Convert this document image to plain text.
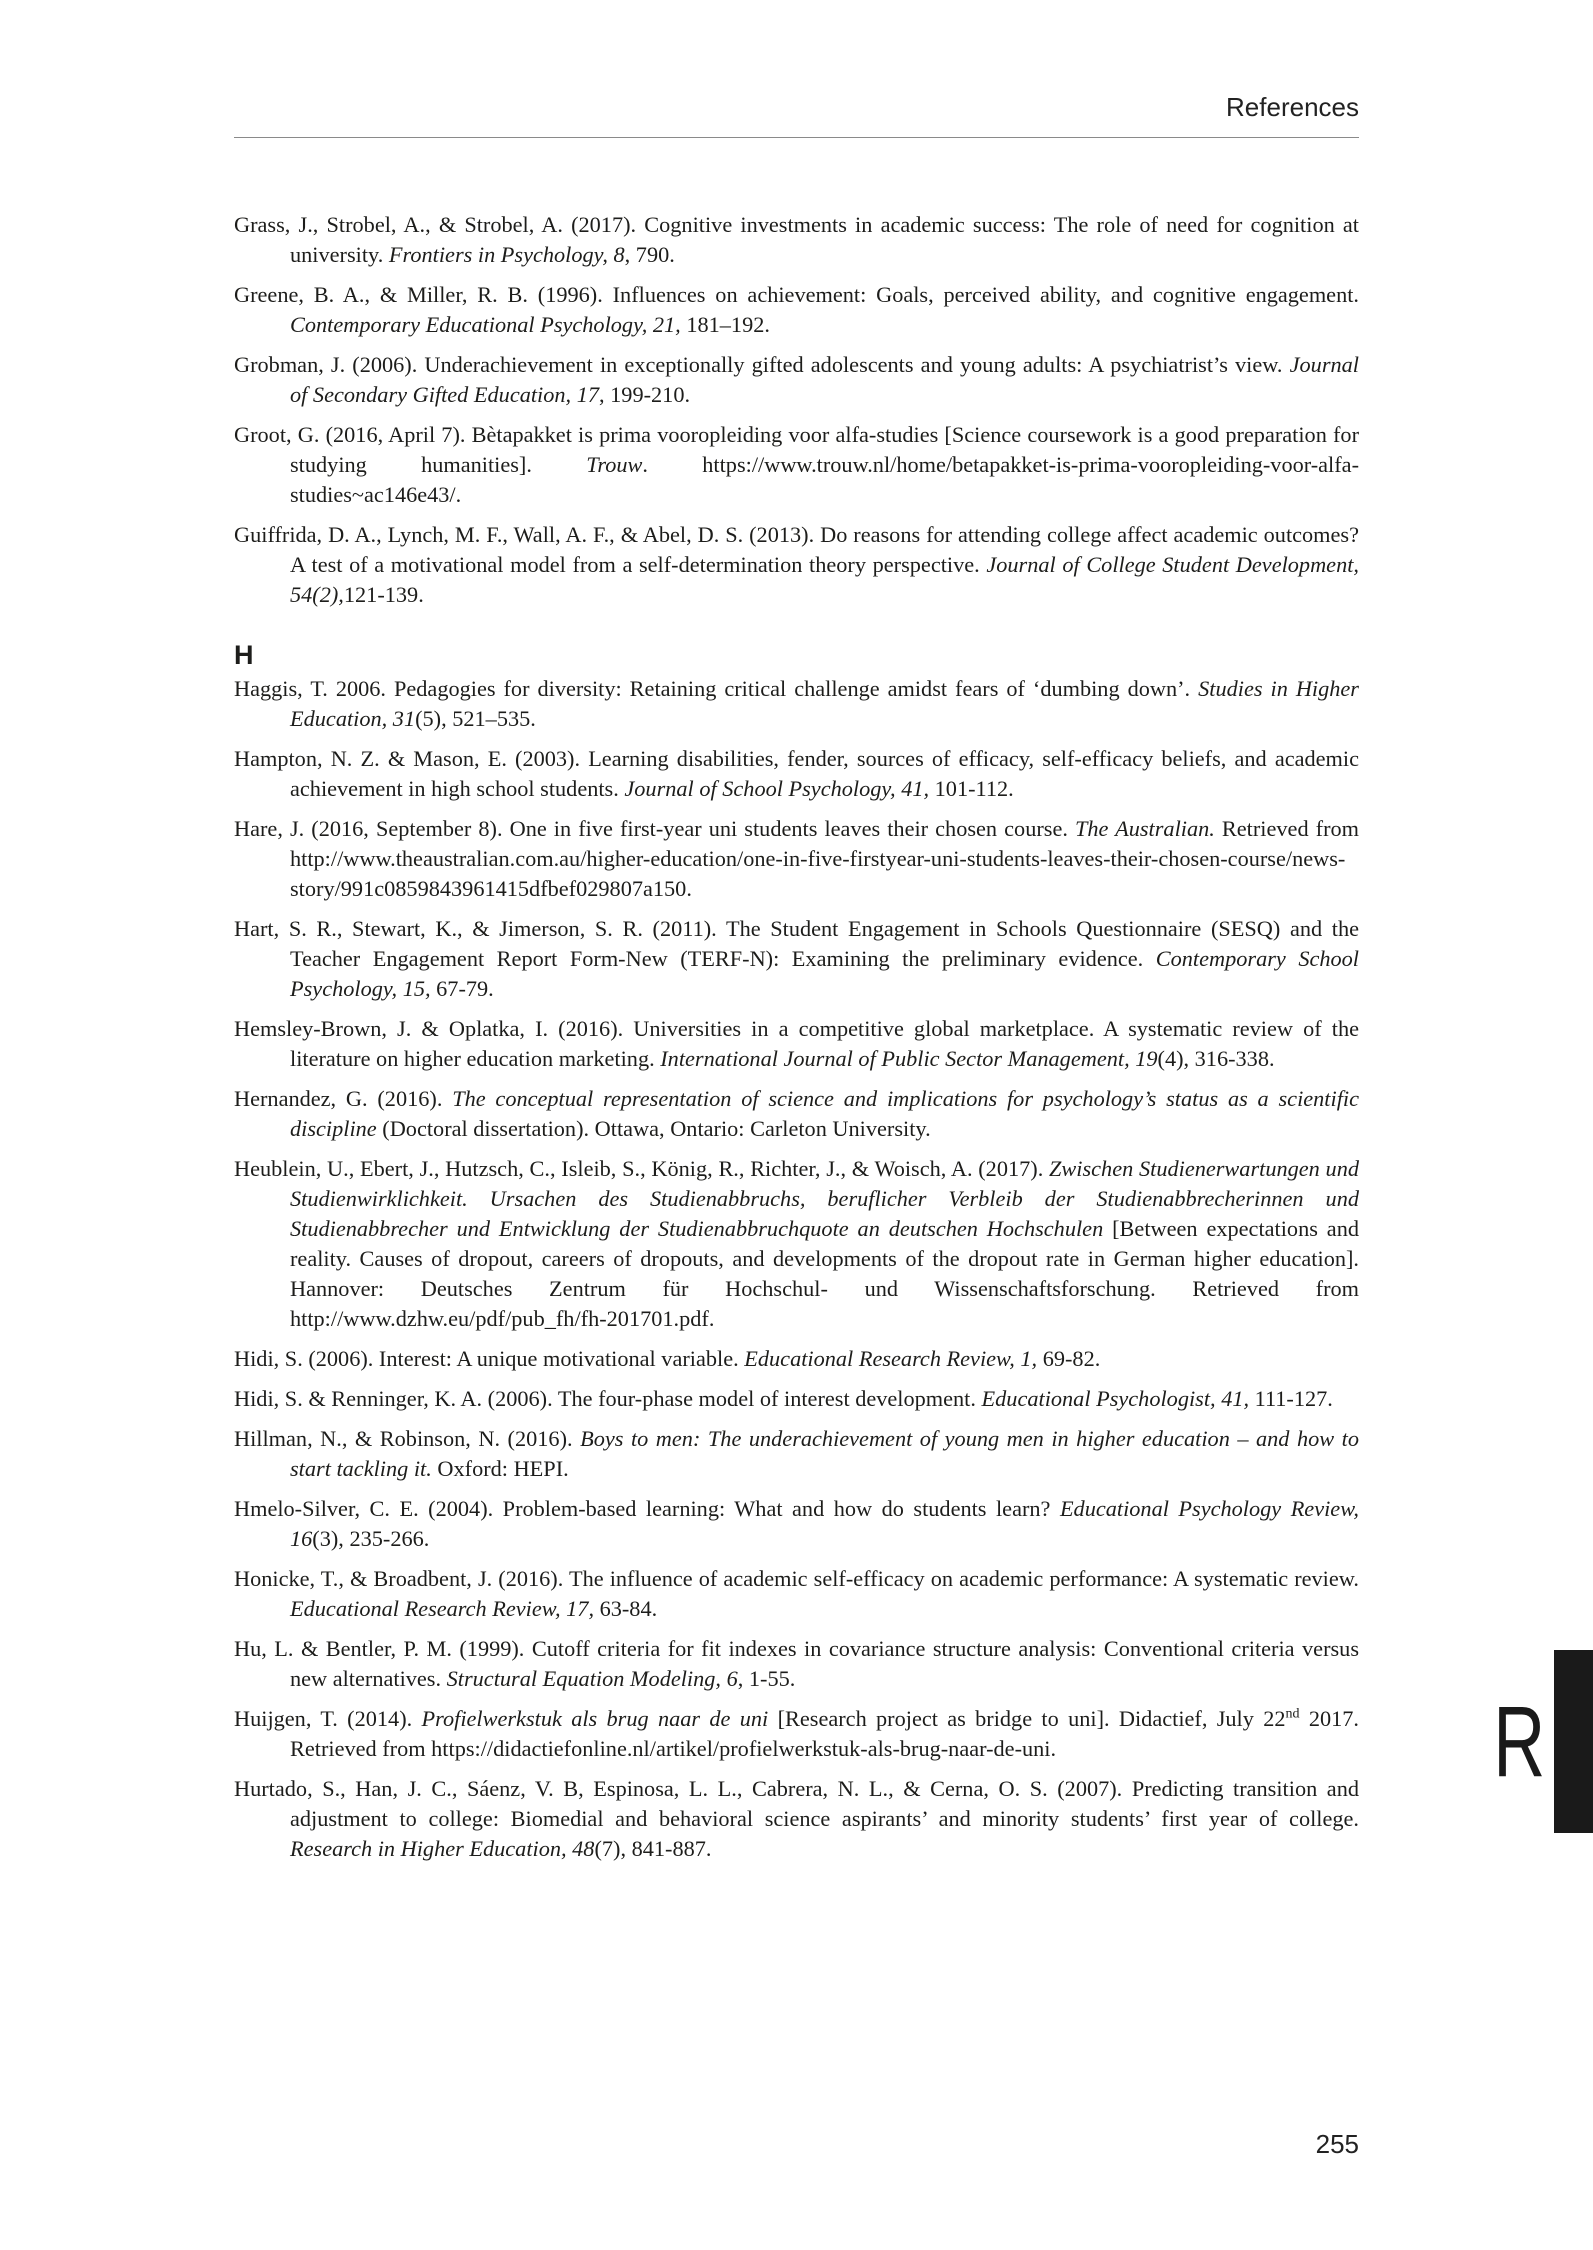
References
Grass, J., Strobel, A., & Strobel, A. (2017). Cognitive investments in academic success: The role of need for cognition at university. Frontiers in Psychology, 8, 790.
Greene, B. A., & Miller, R. B. (1996). Influences on achievement: Goals, perceived ability, and cognitive engagement. Contemporary Educational Psychology, 21, 181–192.
Grobman, J. (2006). Underachievement in exceptionally gifted adolescents and young adults: A psychiatrist’s view. Journal of Secondary Gifted Education, 17, 199-210.
Groot, G. (2016, April 7). Bètapakket is prima vooropleiding voor alfa-studies [Science coursework is a good preparation for studying humanities]. Trouw. https://www.trouw.nl/home/betapakket-is-prima-vooropleiding-voor-alfa-studies~ac146e43/.
Guiffrida, D. A., Lynch, M. F., Wall, A. F., & Abel, D. S. (2013). Do reasons for attending college affect academic outcomes? A test of a motivational model from a self-determination theory perspective. Journal of College Student Development, 54(2),121-139.
H
Haggis, T. 2006. Pedagogies for diversity: Retaining critical challenge amidst fears of ‘dumbing down’. Studies in Higher Education, 31(5), 521–535.
Hampton, N. Z. & Mason, E. (2003). Learning disabilities, fender, sources of efficacy, self-efficacy beliefs, and academic achievement in high school students. Journal of School Psychology, 41, 101-112.
Hare, J. (2016, September 8). One in five first-year uni students leaves their chosen course. The Australian. Retrieved from http://www.theaustralian.com.au/higher-education/one-in-five-firstyear-uni-students-leaves-their-chosen-course/news-story/991c0859843961415dfbef029807a150.
Hart, S. R., Stewart, K., & Jimerson, S. R. (2011). The Student Engagement in Schools Questionnaire (SESQ) and the Teacher Engagement Report Form-New (TERF-N): Examining the preliminary evidence. Contemporary School Psychology, 15, 67-79.
Hemsley-Brown, J. & Oplatka, I. (2016). Universities in a competitive global marketplace. A systematic review of the literature on higher education marketing. International Journal of Public Sector Management, 19(4), 316-338.
Hernandez, G. (2016). The conceptual representation of science and implications for psychology’s status as a scientific discipline (Doctoral dissertation). Ottawa, Ontario: Carleton University.
Heublein, U., Ebert, J., Hutzsch, C., Isleib, S., König, R., Richter, J., & Woisch, A. (2017). Zwischen Studienerwartungen und Studienwirklichkeit. Ursachen des Studienabbruchs, beruflicher Verbleib der Studienabbrecherinnen und Studienabbrecher und Entwicklung der Studienabbruchquote an deutschen Hochschulen [Between expectations and reality. Causes of dropout, careers of dropouts, and developments of the dropout rate in German higher education]. Hannover: Deutsches Zentrum für Hochschul- und Wissenschaftsforschung. Retrieved from http://www.dzhw.eu/pdf/pub_fh/fh-201701.pdf.
Hidi, S. (2006). Interest: A unique motivational variable. Educational Research Review, 1, 69-82.
Hidi, S. & Renninger, K. A. (2006). The four-phase model of interest development. Educational Psychologist, 41, 111-127.
Hillman, N., & Robinson, N. (2016). Boys to men: The underachievement of young men in higher education – and how to start tackling it. Oxford: HEPI.
Hmelo-Silver, C. E. (2004). Problem-based learning: What and how do students learn? Educational Psychology Review, 16(3), 235-266.
Honicke, T., & Broadbent, J. (2016). The influence of academic self-efficacy on academic performance: A systematic review. Educational Research Review, 17, 63-84.
Hu, L. & Bentler, P. M. (1999). Cutoff criteria for fit indexes in covariance structure analysis: Conventional criteria versus new alternatives. Structural Equation Modeling, 6, 1-55.
Huijgen, T. (2014). Profielwerkstuk als brug naar de uni [Research project as bridge to uni]. Didactief, July 22nd 2017. Retrieved from https://didactiefonline.nl/artikel/profielwerkstuk-als-brug-naar-de-uni.
Hurtado, S., Han, J. C., Sáenz, V. B, Espinosa, L. L., Cabrera, N. L., & Cerna, O. S. (2007). Predicting transition and adjustment to college: Biomedial and behavioral science aspirants’ and minority students’ first year of college. Research in Higher Education, 48(7), 841-887.
R
255
